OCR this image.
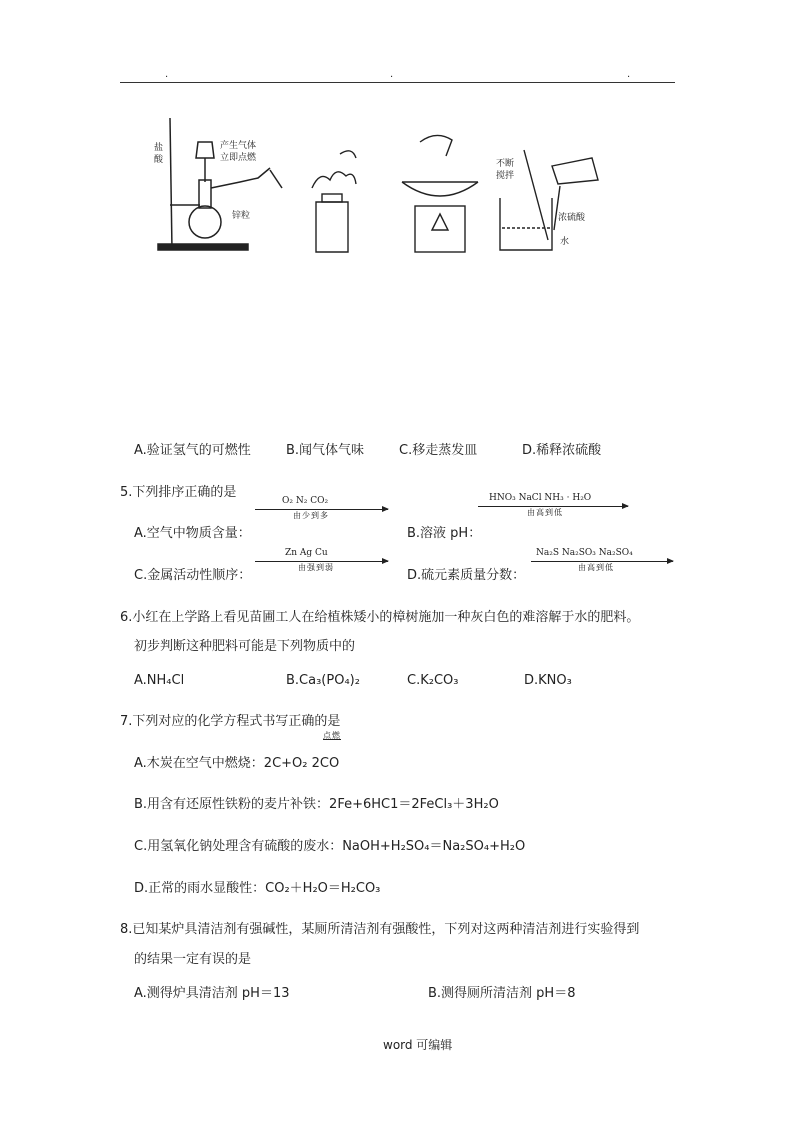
.	.	.
盐酸
产生气体立即点燃
锌粒
不断搅拌
浓硫酸
水
A.验证氢气的可燃性	B.闻气体气味	C.移走蒸发皿	D.稀释浓硫酸
5.下列排序正确的是
O₂ N₂ CO₂
由少到多
A.空气中物质含量：
HNO₃ NaCl NH₃ · H₂O
由高到低
B.溶液 pH：
Zn Ag Cu
由强到弱
C.金属活动性顺序：
Na₂S Na₂SO₃ Na₂SO₄
由高到低
D.硫元素质量分数：
6.小红在上学路上看见苗圃工人在给植株矮小的樟树施加一种灰白色的难溶解于水的肥料。
初步判断这种肥料可能是下列物质中的
A.NH₄Cl	B.Ca₃(PO₄)₂	C.K₂CO₃	D.KNO₃
7.下列对应的化学方程式书写正确的是
点燃
A.木炭在空气中燃烧：2C+O₂ 2CO
B.用含有还原性铁粉的麦片补铁：2Fe+6HC1＝2FeCl₃＋3H₂O
C.用氢氧化钠处理含有硫酸的废水：NaOH+H₂SO₄＝Na₂SO₄+H₂O
D.正常的雨水显酸性：CO₂＋H₂O＝H₂CO₃
8.已知某炉具清洁剂有强碱性，某厕所清洁剂有强酸性，下列对这两种清洁剂进行实验得到
的结果一定有误的是
A.测得炉具清洁剂 pH＝13	B.测得厕所清洁剂 pH＝8
word 可编辑
